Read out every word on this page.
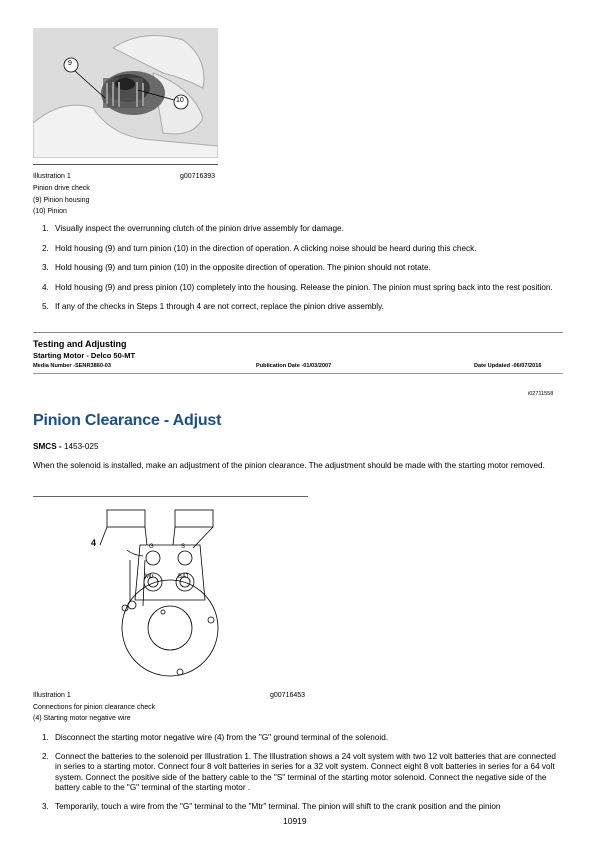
9
10
Illustration 1	g00716393
Pinion drive check
(9) Pinion housing
(10) Pinion
1. Visually inspect the overrunning clutch of the pinion drive assembly for damage.
2. Hold housing (9) and turn pinion (10) in the direction of operation. A clicking noise should be heard during this check.
3. Hold housing (9) and turn pinion (10) in the opposite direction of operation. The pinion should not rotate.
4. Hold housing (9) and press pinion (10) completely into the housing. Release the pinion. The pinion must spring back into the rest position.
5. If any of the checks in Steps 1 through 4 are not correct, replace the pinion drive assembly.
Testing and Adjusting
Starting Motor - Delco 50-MT
Media Number -SENR3860-03	Publication Date -01/03/2007	Date Updated -06/07/2016
i02711558
Pinion Clearance - Adjust
SMCS - 1453-025
When the solenoid is installed, make an adjustment of the pinion clearance. The adjustment should be made with the starting motor removed.
4	G	S
Mtr	BAT
Illustration 1	g00716453
Connections for pinion clearance check
(4) Starting motor negative wire
1. Disconnect the starting motor negative wire (4) from the "G" ground terminal of the solenoid.
2. Connect the batteries to the solenoid per Illustration 1. The Illustration shows a 24 volt system with two 12 volt batteries that are connected in series to a starting motor. Connect four 8 volt batteries in series for a 32 volt system. Connect eight 8 volt batteries in series for a 64 volt system. Connect the positive side of the battery cable to the "S" terminal of the starting motor solenoid. Connect the negative side of the battery cable to the "G" terminal of the starting motor .
3. Temporarily, touch a wire from the "G" terminal to the "Mtr" terminal. The pinion will shift to the crank position and the pinion
10919
